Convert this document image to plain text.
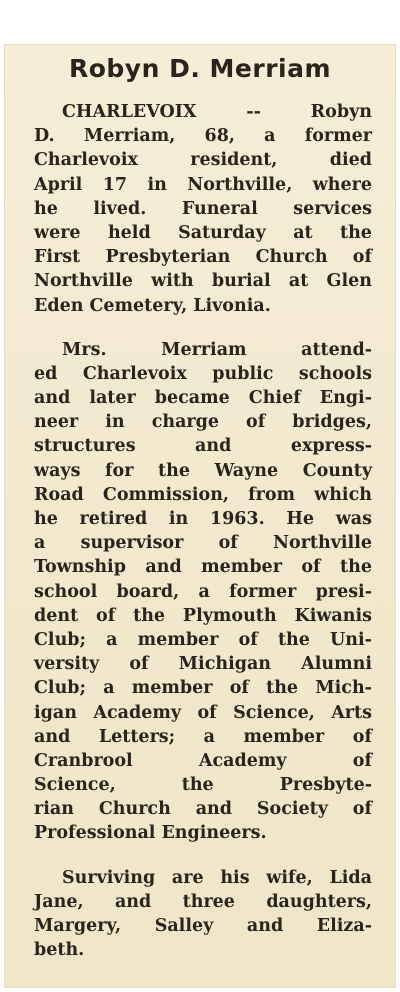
Robyn D. Merriam

CHARLEVOIX	--	Robyn
D. Merriam, 68, a former
Charlevoix	resident,	died
April 17 in Northville, where
he lived. Funeral services
were held Saturday at the
First Presbyterian Church of
Northville with burial at Glen
Eden Cemetery, Livonia.

Mrs.	Merriam	attend-
ed Charlevoix public schools
and later became Chief Engi-
neer in charge of bridges,
structures	and	express-
ways for the Wayne County
Road Commission, from which
he retired in 1963. He was
a supervisor of Northville
Township and member of the
school board, a former presi-
dent of the Plymouth Kiwanis
Club; a member of the Uni-
versity of Michigan Alumni
Club; a member of the Mich-
igan Academy of Science, Arts
and Letters; a member of
Cranbrool	Academy	of
Science,	the	Presbyte-
rian Church and Society of
Professional Engineers.

Surviving are his wife, Lida
Jane, and three daughters,
Margery, Salley and Eliza-
beth.
